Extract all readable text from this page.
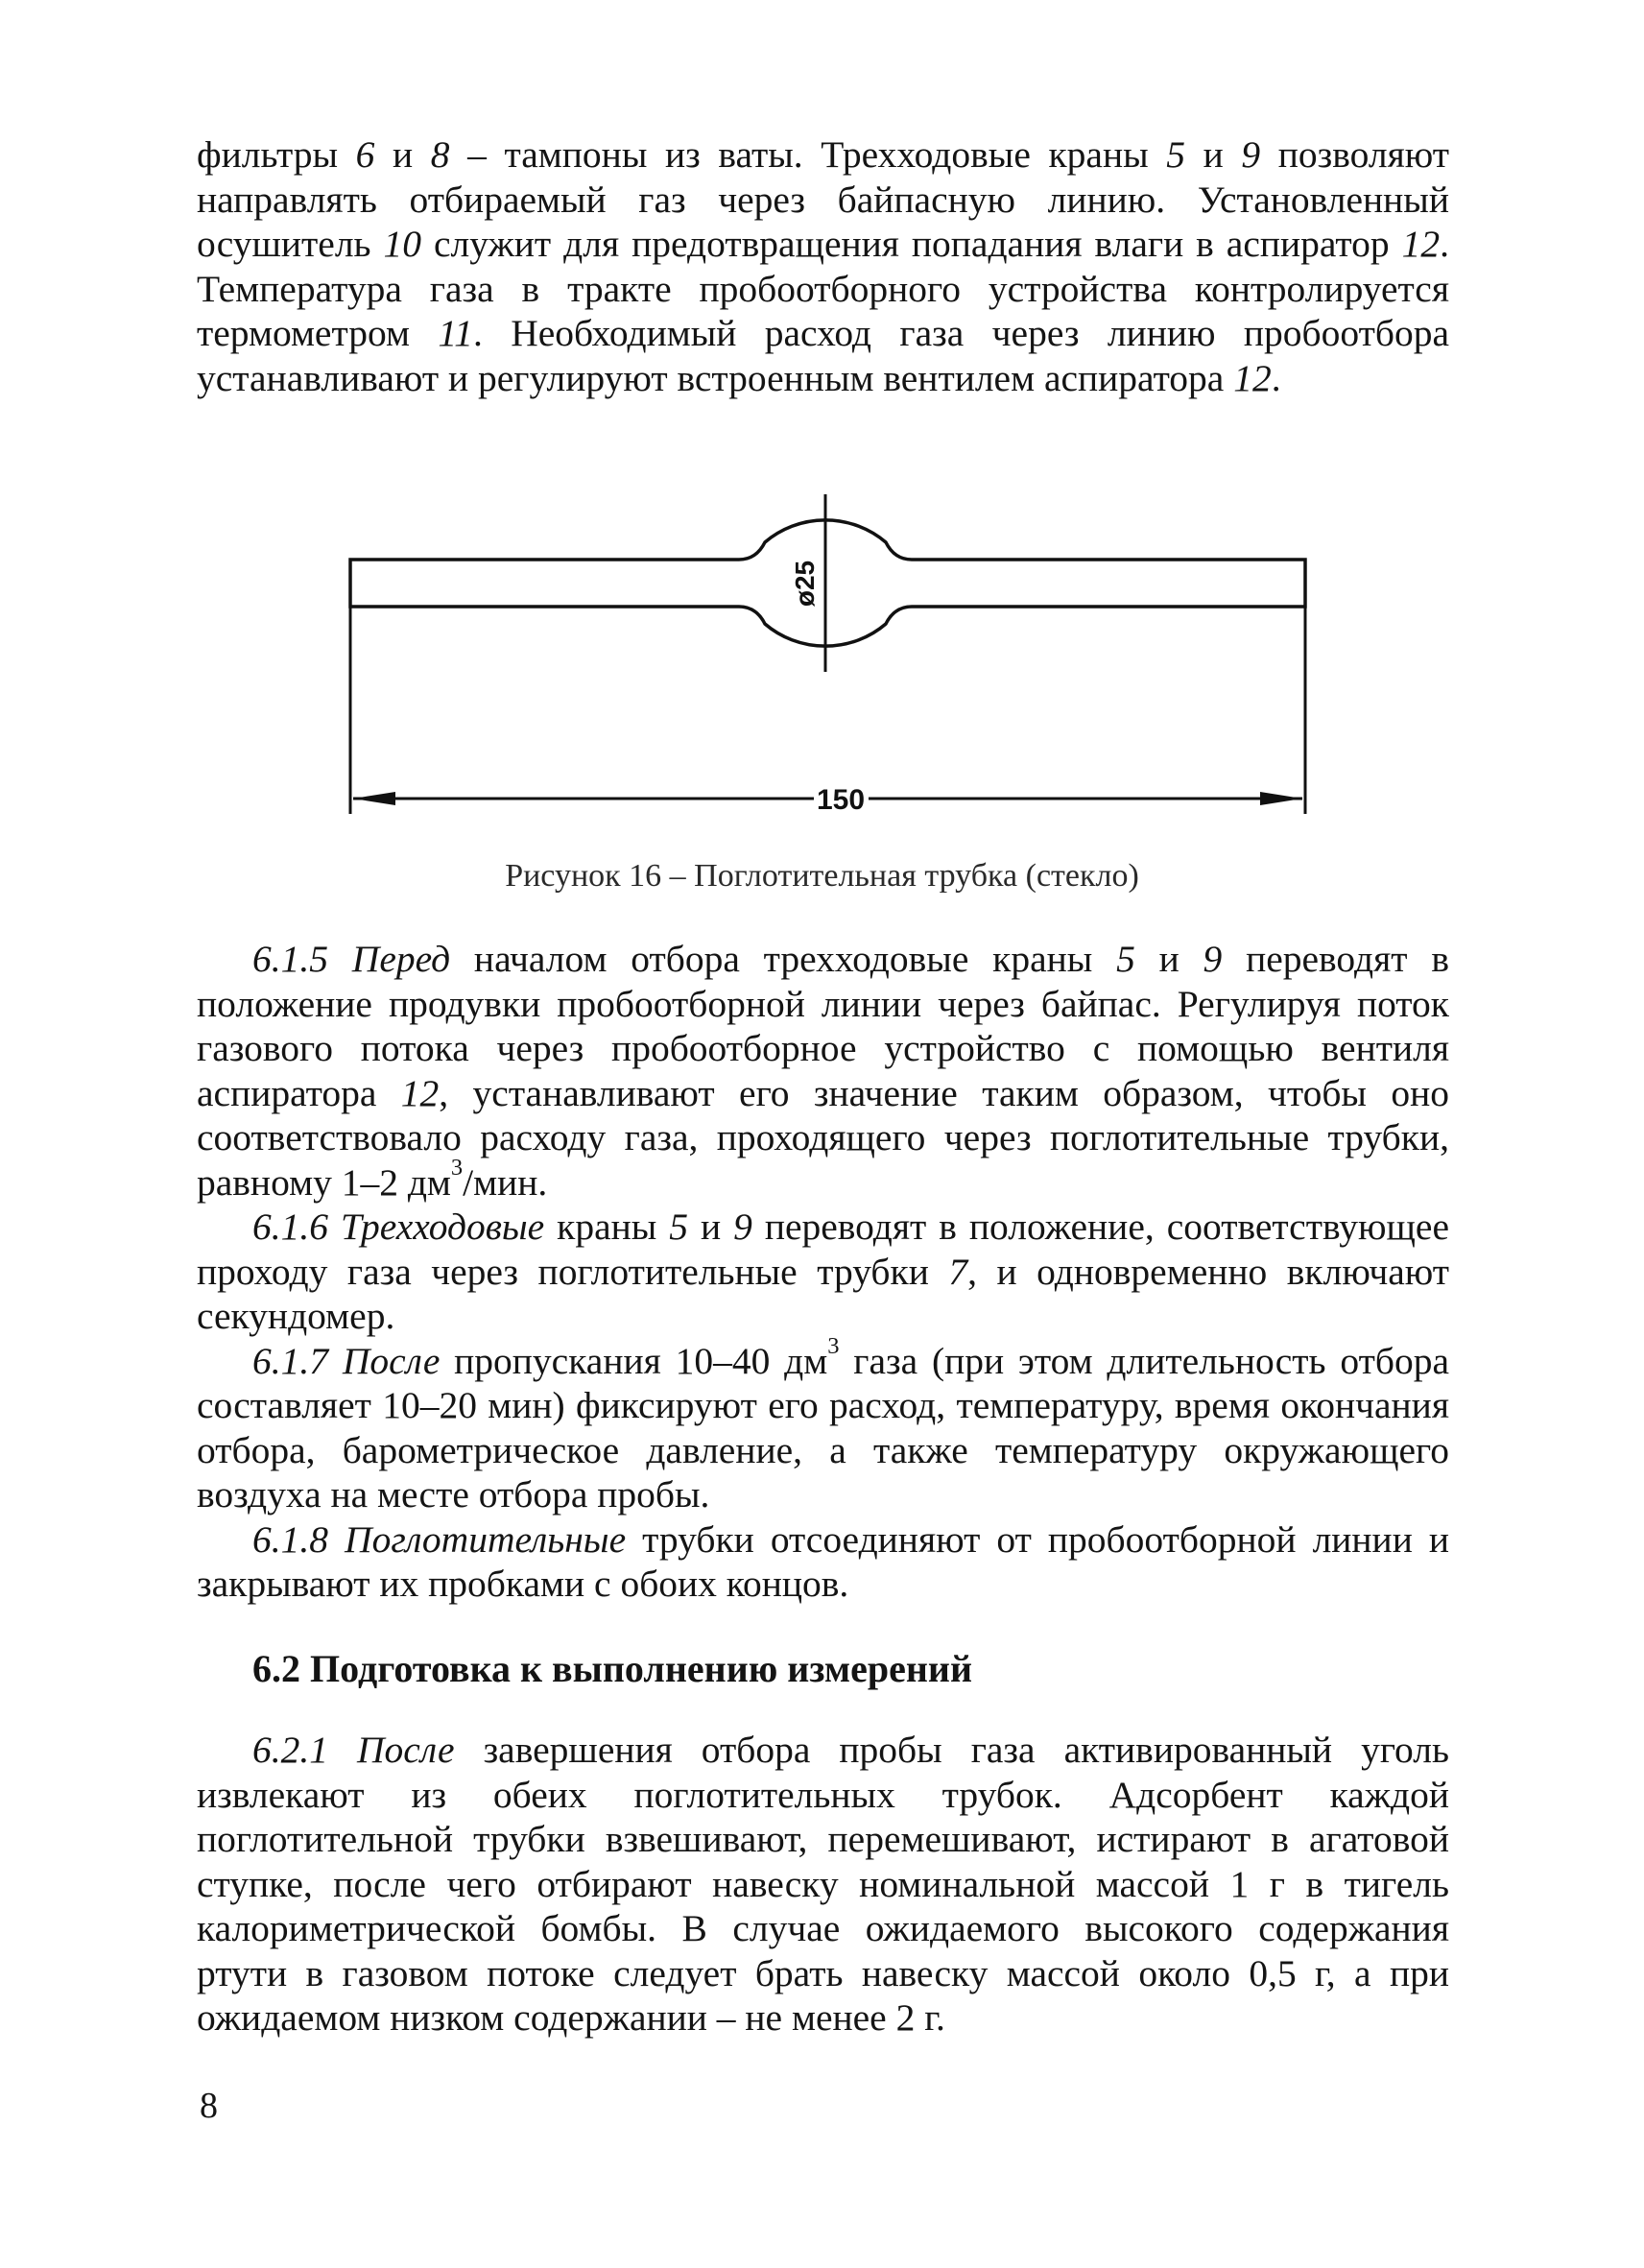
фильтры 6 и 8 – тампоны из ваты. Трехходовые краны 5 и 9 позволяют направлять отбираемый газ через байпасную линию. Установленный осушитель 10 служит для предотвращения попадания влаги в аспиратор 12. Температура газа в тракте пробоотборного устройства контролируется термометром 11. Необходимый расход газа через линию пробоотбора устанавливают и регулируют встроенным вентилем аспиратора 12.

ø25
150
Рисунок 16 – Поглотительная трубка (стекло)

6.1.5 Перед началом отбора трехходовые краны 5 и 9 переводят в положение продувки пробоотборной линии через байпас. Регулируя поток газового потока через пробоотборное устройство с помощью вентиля аспиратора 12, устанавливают его значение таким образом, чтобы оно соответствовало расходу газа, проходящего через поглотительные трубки, равному 1–2 $дм^3$/мин.

6.1.6 Трехходовые краны 5 и 9 переводят в положение, соответствующее проходу газа через поглотительные трубки 7, и одновременно включают секундомер.

6.1.7 После пропускания 10–40 $дм^3$ газа (при этом длительность отбора составляет 10–20 мин) фиксируют его расход, температуру, время окончания отбора, барометрическое давление, а также температуру окружающего воздуха на месте отбора пробы.

6.1.8 Поглотительные трубки отсоединяют от пробоотборной линии и закрывают их пробками с обоих концов.

6.2 Подготовка к выполнению измерений

6.2.1 После завершения отбора пробы газа активированный уголь извлекают из обеих поглотительных трубок. Адсорбент каждой поглотительной трубки взвешивают, перемешивают, истирают в агатовой ступке, после чего отбирают навеску номинальной массой 1 г в тигель калориметрической бомбы. В случае ожидаемого высокого содержания ртути в газовом потоке следует брать навеску массой около 0,5 г, а при ожидаемом низком содержании – не менее 2 г.

8
